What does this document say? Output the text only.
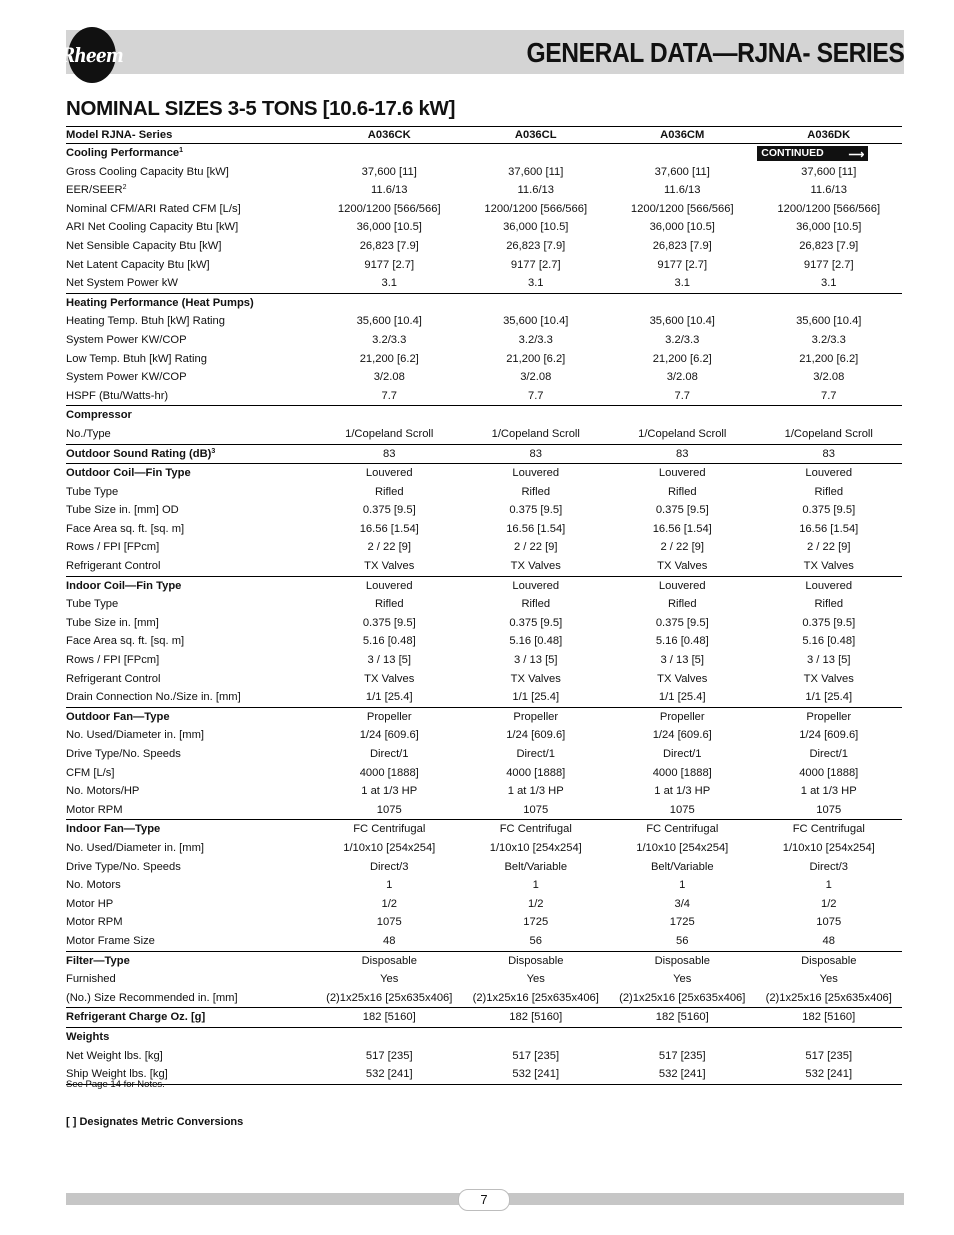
Rheem	GENERAL DATA—RJNA- SERIES
NOMINAL SIZES 3-5 TONS [10.6-17.6 kW]
Model RJNA- Series	A036CK	A036CL	A036CM	A036DK
Cooling Performance$^1$				CONTINUED ⟶

Gross Cooling Capacity Btu [kW]	37,600 [11]	37,600 [11]	37,600 [11]	37,600 [11]
EER/SEER$^2$	11.6/13	11.6/13	11.6/13	11.6/13
Nominal CFM/ARI Rated CFM [L/s]	1200/1200 [566/566]	1200/1200 [566/566]	1200/1200 [566/566]	1200/1200 [566/566]
ARI Net Cooling Capacity Btu [kW]	36,000 [10.5]	36,000 [10.5]	36,000 [10.5]	36,000 [10.5]
Net Sensible Capacity Btu [kW]	26,823 [7.9]	26,823 [7.9]	26,823 [7.9]	26,823 [7.9]
Net Latent Capacity Btu [kW]	9177 [2.7]	9177 [2.7]	9177 [2.7]	9177 [2.7]
Net System Power kW	3.1	3.1	3.1	3.1
Heating Performance (Heat Pumps)				
Heating Temp. Btuh [kW] Rating	35,600 [10.4]	35,600 [10.4]	35,600 [10.4]	35,600 [10.4]
System Power KW/COP	3.2/3.3	3.2/3.3	3.2/3.3	3.2/3.3
Low Temp. Btuh [kW] Rating	21,200 [6.2]	21,200 [6.2]	21,200 [6.2]	21,200 [6.2]
System Power KW/COP	3/2.08	3/2.08	3/2.08	3/2.08
HSPF (Btu/Watts-hr)	7.7	7.7	7.7	7.7
Compressor				
No./Type	1/Copeland Scroll	1/Copeland Scroll	1/Copeland Scroll	1/Copeland Scroll
Outdoor Sound Rating (dB)$^3$	83	83	83	83
Outdoor Coil—Fin Type	Louvered	Louvered	Louvered	Louvered
Tube Type	Rifled	Rifled	Rifled	Rifled
Tube Size in. [mm] OD	0.375 [9.5]	0.375 [9.5]	0.375 [9.5]	0.375 [9.5]
Face Area sq. ft. [sq. m]	16.56 [1.54]	16.56 [1.54]	16.56 [1.54]	16.56 [1.54]
Rows / FPI [FPcm]	2 / 22 [9]	2 / 22 [9]	2 / 22 [9]	2 / 22 [9]
Refrigerant Control	TX Valves	TX Valves	TX Valves	TX Valves
Indoor Coil—Fin Type	Louvered	Louvered	Louvered	Louvered
Tube Type	Rifled	Rifled	Rifled	Rifled
Tube Size in. [mm]	0.375 [9.5]	0.375 [9.5]	0.375 [9.5]	0.375 [9.5]
Face Area sq. ft. [sq. m]	5.16 [0.48]	5.16 [0.48]	5.16 [0.48]	5.16 [0.48]
Rows / FPI [FPcm]	3 / 13 [5]	3 / 13 [5]	3 / 13 [5]	3 / 13 [5]
Refrigerant Control	TX Valves	TX Valves	TX Valves	TX Valves
Drain Connection No./Size in. [mm]	1/1 [25.4]	1/1 [25.4]	1/1 [25.4]	1/1 [25.4]
Outdoor Fan—Type	Propeller	Propeller	Propeller	Propeller
No. Used/Diameter in. [mm]	1/24 [609.6]	1/24 [609.6]	1/24 [609.6]	1/24 [609.6]
Drive Type/No. Speeds	Direct/1	Direct/1	Direct/1	Direct/1
CFM [L/s]	4000 [1888]	4000 [1888]	4000 [1888]	4000 [1888]
No. Motors/HP	1 at 1/3 HP	1 at 1/3 HP	1 at 1/3 HP	1 at 1/3 HP
Motor RPM	1075	1075	1075	1075
Indoor Fan—Type	FC Centrifugal	FC Centrifugal	FC Centrifugal	FC Centrifugal
No. Used/Diameter in. [mm]	1/10x10 [254x254]	1/10x10 [254x254]	1/10x10 [254x254]	1/10x10 [254x254]
Drive Type/No. Speeds	Direct/3	Belt/Variable	Belt/Variable	Direct/3
No. Motors	1	1	1	1
Motor HP	1/2	1/2	3/4	1/2
Motor RPM	1075	1725	1725	1075
Motor Frame Size	48	56	56	48
Filter—Type	Disposable	Disposable	Disposable	Disposable
Furnished	Yes	Yes	Yes	Yes
(No.) Size Recommended in. [mm]	(2)1x25x16 [25x635x406]	(2)1x25x16 [25x635x406]	(2)1x25x16 [25x635x406]	(2)1x25x16 [25x635x406]
Refrigerant Charge Oz. [g]	182 [5160]	182 [5160]	182 [5160]	182 [5160]
Weights				
Net Weight lbs. [kg]	517 [235]	517 [235]	517 [235]	517 [235]
Ship Weight lbs. [kg]	532 [241]	532 [241]	532 [241]	532 [241]
See Page 14 for Notes.
[ ] Designates Metric Conversions
7
